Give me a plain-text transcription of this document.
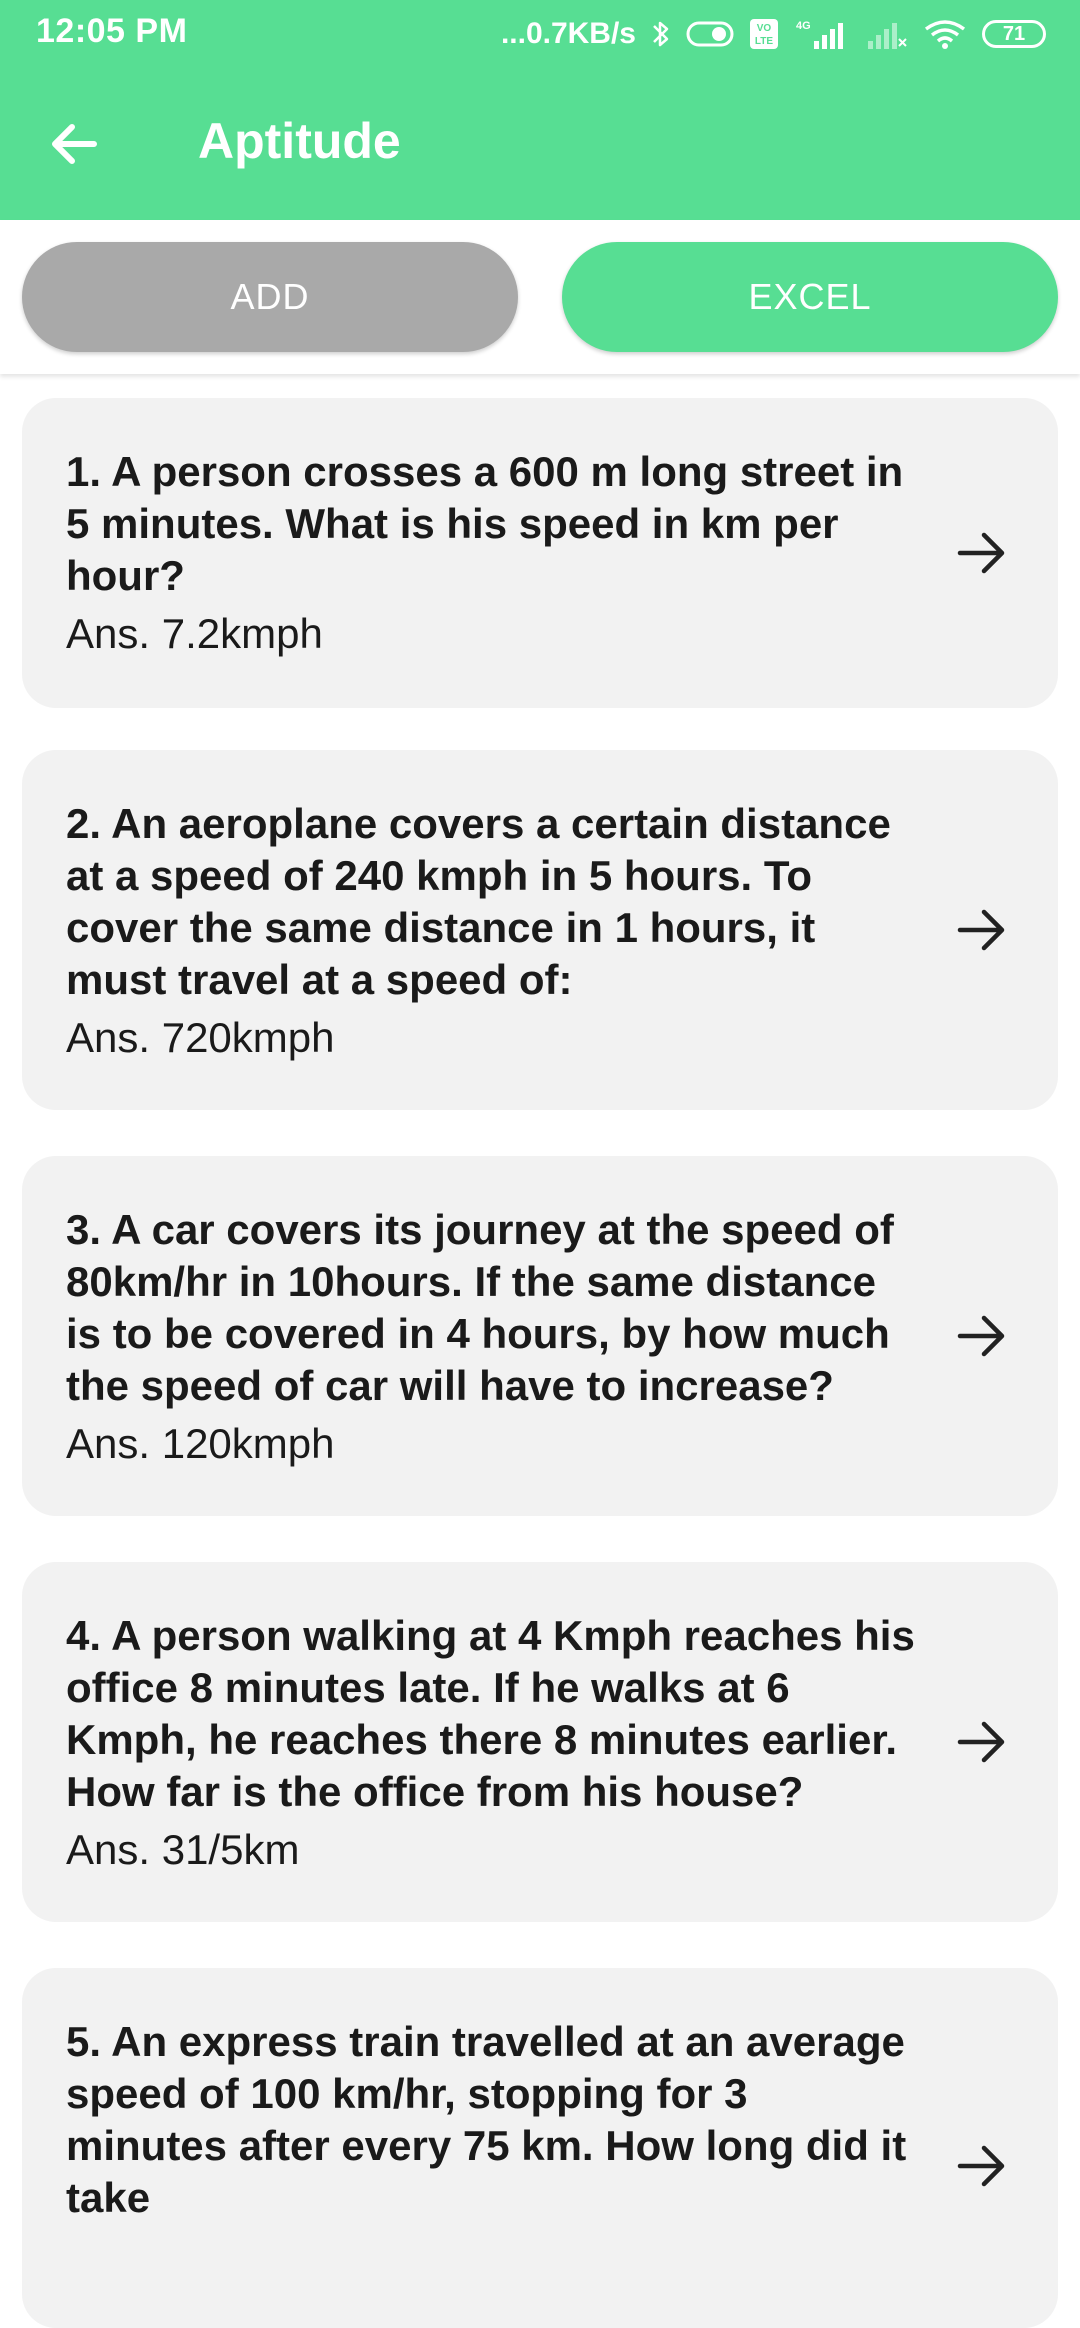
12:05 PM	...0.7KB/s	VO
LTE
4G	71
Aptitude
ADD	EXCEL
1. A person crosses a 600 m long street in 5 minutes. What is his speed in km per hour?
Ans. 7.2kmph
2. An aeroplane covers a certain distance at a speed of 240 kmph in 5 hours. To cover the same distance in 1 hours, it must travel at a speed of:
Ans. 720kmph
3. A car covers its journey at the speed of 80km/hr in 10hours. If the same distance is to be covered in 4 hours, by how much the speed of car will have to increase?
Ans. 120kmph
4. A person walking at 4 Kmph reaches his office 8 minutes late. If he walks at 6 Kmph, he reaches there 8 minutes earlier. How far is the office from his house?
Ans. 31/5km
5. An express train travelled at an average speed of 100 km/hr, stopping for 3 minutes after every 75 km. How long did it take
